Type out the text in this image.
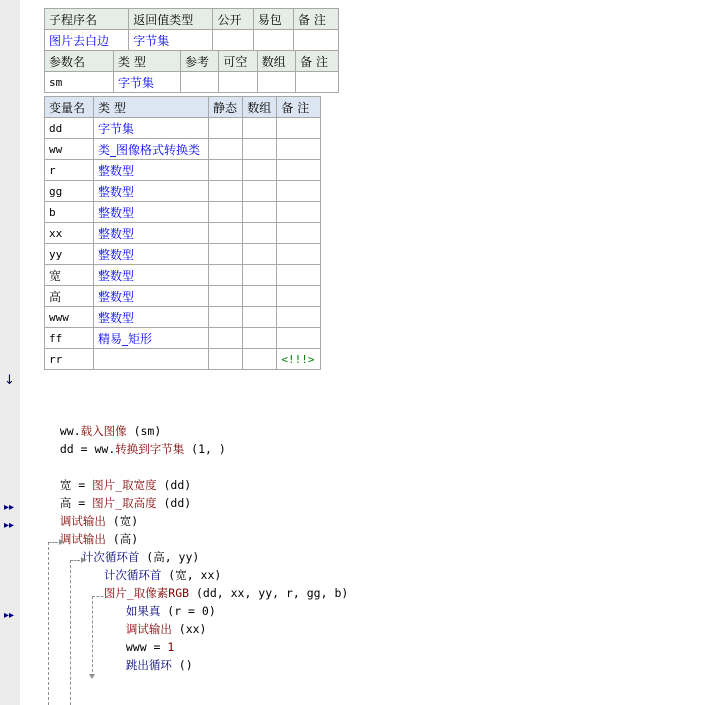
↓
▸▸
▸▸
▸▸
子程序名	返回值类型	公开	易包	备 注
图片去白边	字节集			
参数名	类 型	参考	可空	数组	备 注
sm	字节集				
变量名	类 型	静态	数组	备 注
dd	字节集			
ww	类_图像格式转换类			
r	整数型			
gg	整数型			
b	整数型			
xx	整数型			
yy	整数型			
宽	整数型			
高	整数型			
www	整数型			
ff	精易_矩形			
rr				<!!!>

ww.载入图像 (sm)

dd = ww.转换到字节集 (1, )

宽 = 图片_取宽度 (dd)

高 = 图片_取高度 (dd)

调试输出 (宽)

调试输出 (高)

计次循环首 (高, yy)

计次循环首 (宽, xx)

图片_取像素RGB (dd, xx, yy, r, gg, b)

如果真 (r = 0)

调试输出 (xx)

www = 1

跳出循环 ()
